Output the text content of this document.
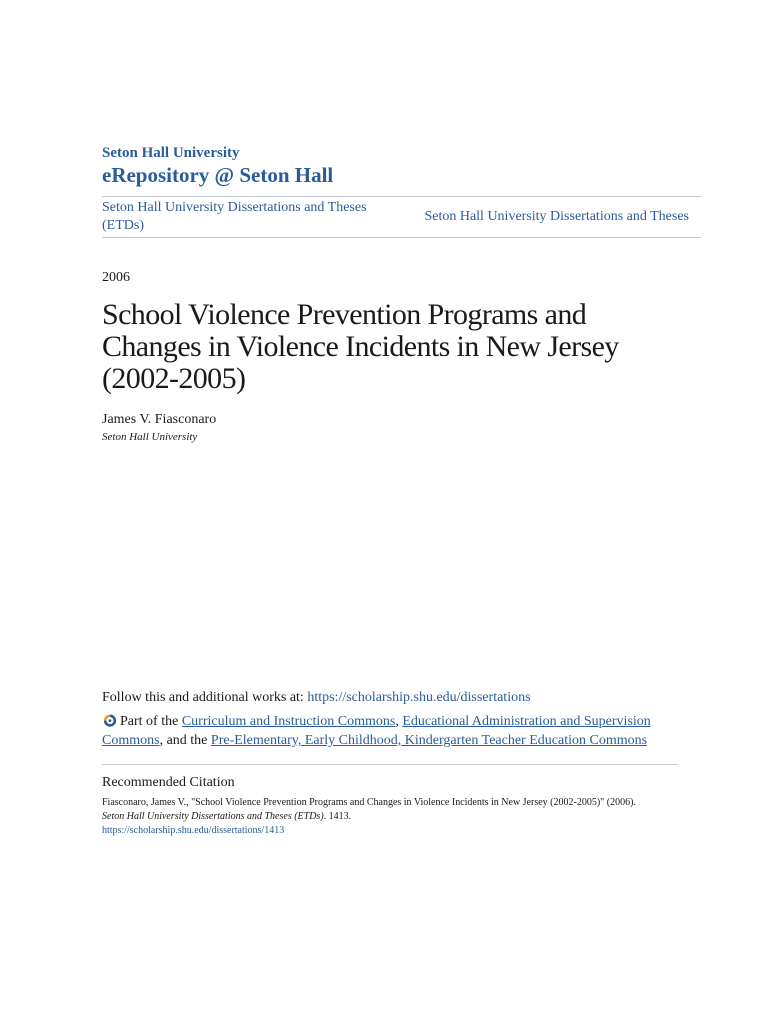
Seton Hall University
eRepository @ Seton Hall
Seton Hall University Dissertations and Theses (ETDs)
Seton Hall University Dissertations and Theses
2006
School Violence Prevention Programs and Changes in Violence Incidents in New Jersey (2002-2005)
James V. Fiasconaro
Seton Hall University
Follow this and additional works at: https://scholarship.shu.edu/dissertations
Part of the Curriculum and Instruction Commons, Educational Administration and Supervision Commons, and the Pre-Elementary, Early Childhood, Kindergarten Teacher Education Commons
Recommended Citation
Fiasconaro, James V., "School Violence Prevention Programs and Changes in Violence Incidents in New Jersey (2002-2005)" (2006).
Seton Hall University Dissertations and Theses (ETDs). 1413.
https://scholarship.shu.edu/dissertations/1413
